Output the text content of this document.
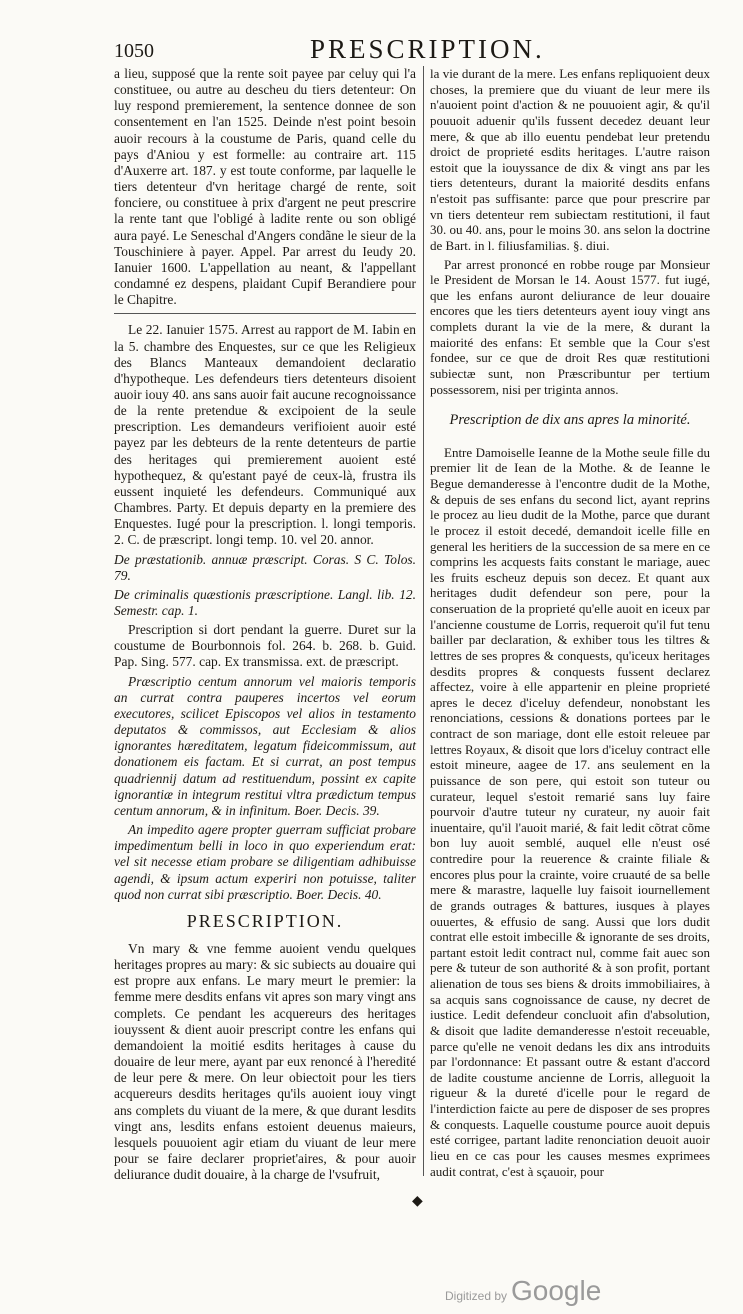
1050	PRESCRIPTION.

a lieu, supposé que la rente soit payee par celuy qui l'a constituee, ou autre au descheu du tiers detenteur: On luy respond premierement, la sentence donnee de son consentement en l'an 1525. Deinde n'est point besoin auoir recours à la coustume de Paris, quand celle du pays d'Aniou y est formelle: au contraire art. 115 d'Auxerre art. 187. y est toute conforme, par laquelle le tiers detenteur d'vn heritage chargé de rente, soit fonciere, ou constituee à prix d'argent ne peut prescrire la rente tant que l'obligé à ladite rente ou son obligé aura payé. Le Seneschal d'Angers condãne le sieur de la Touschiniere à payer. Appel. Par arrest du Ieudy 20. Ianuier 1600. L'appellation au neant, & l'appellant condamné ez despens, plaidant Cupif Berandiere pour le Chapitre.

Le 22. Ianuier 1575. Arrest au rapport de M. Iabin en la 5. chambre des Enquestes, sur ce que les Religieux des Blancs Manteaux demandoient declaratio d'hypotheque. Les defendeurs tiers detenteurs disoient auoir iouy 40. ans sans auoir fait aucune recognoissance de la rente pretendue & excipoient de la seule prescription. Les demandeurs verifioient auoir esté payez par les debteurs de la rente detenteurs de partie des heritages qui premierement auoient esté hypothequez, & qu'estant payé de ceux-là, frustra ils eussent inquieté les defendeurs. Communiqué aux Chambres. Party. Et depuis departy en la premiere des Enquestes. Iugé pour la prescription. l. longi temporis. 2. C. de præscript. longi temp. 10. vel 20. annor.

De præstationib. annuæ præscript. Coras. S C. Tolos. 79.

De criminalis quæstionis præscriptione. Langl. lib. 12. Semestr. cap. 1.

Prescription si dort pendant la guerre. Duret sur la coustume de Bourbonnois fol. 264. b. 268. b. Guid. Pap. Sing. 577. cap. Ex transmissa. ext. de præscript.

Præscriptio centum annorum vel maioris temporis an currat contra pauperes incertos vel eorum executores, scilicet Episcopos vel alios in testamento deputatos & commissos, aut Ecclesiam & alios ignorantes hæreditatem, legatum fideicommissum, aut donationem eis factam. Et si currat, an post tempus quadriennij datum ad restituendum, possint ex capite ignorantiæ in integrum restitui vltra prædictum tempus centum annorum, & in infinitum. Boer. Decis. 39.

An impedito agere propter guerram sufficiat probare impedimentum belli in loco in quo experiendum erat: vel sit necesse etiam probare se diligentiam adhibuisse agendi, & ipsum actum experiri non potuisse, taliter quod non currat sibi præscriptio. Boer. Decis. 40.

PRESCRIPTION.

Vn mary & vne femme auoient vendu quelques heritages propres au mary: & sic subiects au douaire qui est propre aux enfans. Le mary meurt le premier: la femme mere desdits enfans vit apres son mary vingt ans complets. Ce pendant les acquereurs des heritages iouyssent & dient auoir prescript contre les enfans qui demandoient la moitié esdits heritages à cause du douaire de leur mere, ayant par eux renoncé à l'heredité de leur pere & mere. On leur obiectoit pour les tiers acquereurs desdits heritages qu'ils auoient iouy vingt ans complets du viuant de la mere, & que durant lesdits vingt ans, lesdits enfans estoient deuenus maieurs, lesquels pouuoient agir etiam du viuant de leur mere pour se faire declarer propriet'aires, & pour auoir deliurance dudit douaire, à la charge de l'vsufruit,

la vie durant de la mere. Les enfans repliquoient deux choses, la premiere que du viuant de leur mere ils n'auoient point d'action & ne pouuoient agir, & qu'il pouuoit aduenir qu'ils fussent decedez deuant leur mere, & que ab illo euentu pendebat leur pretendu droict de proprieté esdits heritages. L'autre raison estoit que la iouyssance de dix & vingt ans par les tiers detenteurs, durant la maiorité desdits enfans n'estoit pas suffisante: parce que pour prescrire par vn tiers detenteur rem subiectam restitutioni, il faut 30. ou 40. ans, pour le moins 30. ans selon la doctrine de Bart. in l. filiusfamilias. §. diui.

Par arrest prononcé en robbe rouge par Monsieur le President de Morsan le 14. Aoust 1577. fut iugé, que les enfans auront deliurance de leur douaire encores que les tiers detenteurs ayent iouy vingt ans complets durant la vie de la mere, & durant la maiorité des enfans: Et semble que la Cour s'est fondee, sur ce que de droit Res quæ restitutioni subiectæ sunt, non Præscribuntur per tertium possessorem, nisi per triginta annos.

Prescription de dix ans apres la minorité.

Entre Damoiselle Ieanne de la Mothe seule fille du premier lit de Iean de la Mothe. & de Ieanne le Begue demanderesse à l'encontre dudit de la Mothe, & depuis de ses enfans du second lict, ayant reprins le procez au lieu dudit de la Mothe, parce que durant le procez il estoit decedé, demandoit icelle fille en general les heritiers de la succession de sa mere en ce comprins les acquests faits constant le mariage, auec les fruits escheuz depuis son decez. Et quant aux heritages dudit defendeur son pere, pour la conseruation de la proprieté qu'elle auoit en iceux par l'ancienne coustume de Lorris, requeroit qu'il fut tenu bailler par declaration, & exhiber tous les tiltres & lettres de ses propres & conquests, qu'iceux heritages desdits propres & conquests fussent declarez affectez, voire à elle appartenir en pleine proprieté apres le decez d'iceluy defendeur, nonobstant les renonciations, cessions & donations portees par le contract de son mariage, dont elle estoit releuee par lettres Royaux, & disoit que lors d'iceluy contract elle estoit mineure, aagee de 17. ans seulement en la puissance de son pere, qui estoit son tuteur ou curateur, lequel s'estoit remarié sans luy faire pourvoir d'autre tuteur ny curateur, ny auoir fait inuentaire, qu'il l'auoit marié, & fait ledit cõtrat cõme bon luy auoit semblé, auquel elle n'eust osé contredire pour la reuerence & crainte filiale & encores plus pour la crainte, voire cruauté de sa belle mere & marastre, laquelle luy faisoit iournellement de grands outrages & battures, iusques à playes ouuertes, & effusio de sang. Aussi que lors dudit contrat elle estoit imbecille & ignorante de ses droits, partant estoit ledit contract nul, comme fait auec son pere & tuteur de son authorité & à son profit, portant alienation de tous ses biens & droits immobiliaires, à sa acquis sans cognoissance de cause, ny decret de iustice. Ledit defendeur concluoit afin d'absolution, & disoit que ladite demanderesse n'estoit receuable, parce qu'elle ne venoit dedans les dix ans introduits par l'ordonnance: Et passant outre & estant d'accord de ladite coustume ancienne de Lorris, alleguoit la rigueur & la dureté d'icelle pour le regard de l'interdiction faicte au pere de disposer de ses propres & conquests. Laquelle coustume pource auoit depuis esté corrigee, partant ladite renonciation deuoit auoir lieu en ce cas pour les causes mesmes exprimees audit contrat, c'est à sçauoir, pour

◆
Digitized by Google
